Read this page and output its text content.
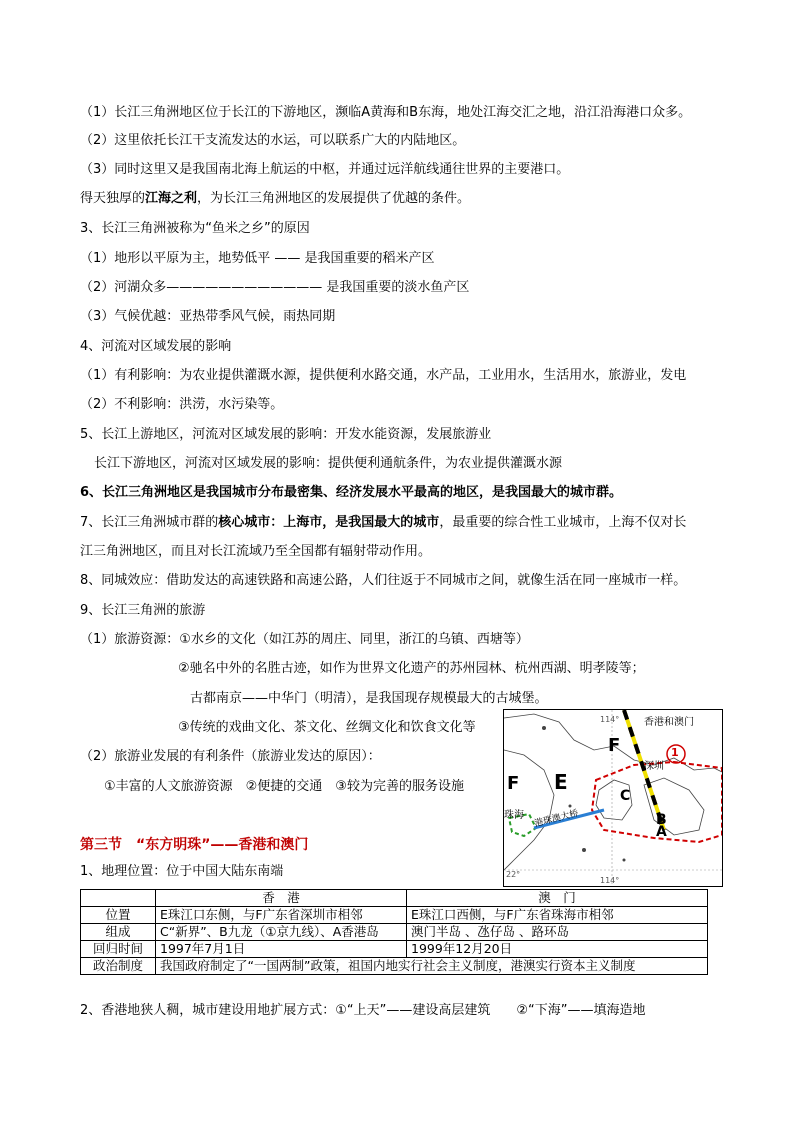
（1）长江三角洲地区位于长江的下游地区，濒临A黄海和B东海，地处江海交汇之地，沿江沿海港口众多。
（2）这里依托长江干支流发达的水运，可以联系广大的内陆地区。
（3）同时这里又是我国南北海上航运的中枢，并通过远洋航线通往世界的主要港口。
得天独厚的江海之利，为长江三角洲地区的发展提供了优越的条件。
3、长江三角洲被称为“鱼米之乡”的原因
（1）地形以平原为主，地势低平 —— 是我国重要的稻米产区
（2）河湖众多———————————— 是我国重要的淡水鱼产区
（3）气候优越：亚热带季风气候，雨热同期
4、河流对区域发展的影响
（1）有利影响：为农业提供灌溉水源，提供便利水路交通，水产品，工业用水，生活用水，旅游业，发电
（2）不利影响：洪涝，水污染等。
5、长江上游地区，河流对区域发展的影响：开发水能资源，发展旅游业
长江下游地区，河流对区域发展的影响：提供便利通航条件，为农业提供灌溉水源
6、长江三角洲地区是我国城市分布最密集、经济发展水平最高的地区，是我国最大的城市群。
7、长江三角洲城市群的核心城市：上海市，是我国最大的城市，最重要的综合性工业城市，上海不仅对长
江三角洲地区，而且对长江流域乃至全国都有辐射带动作用。
8、同城效应：借助发达的高速铁路和高速公路，人们往返于不同城市之间，就像生活在同一座城市一样。
9、长江三角洲的旅游
（1）旅游资源：①水乡的文化（如江苏的周庄、同里，浙江的乌镇、西塘等）
②驰名中外的名胜古迹，如作为世界文化遗产的苏州园林、杭州西湖、明孝陵等；
古都南京——中华门（明清），是我国现存规模最大的古城堡。
③传统的戏曲文化、茶文化、丝绸文化和饮食文化等
（2）旅游业发展的有利条件（旅游业发达的原因）：
①丰富的人文旅游资源　②便捷的交通　③较为完善的服务设施
第三节　“东方明珠”——香港和澳门
1、地理位置：位于中国大陆东南端
香港和澳门
114°
114°
22°
深圳
珠海 港珠澳大桥
F
F E
C
B
A
1
	香　港	澳　门
位置	E珠江口东侧，与F广东省深圳市相邻	E珠江口西侧，与F广东省珠海市相邻
组成	C“新界”、B九龙（①京九线）、A香港岛	澳门半岛 、氹仔岛 、路环岛
回归时间	1997年7月1日	1999年12月20日
政治制度	我国政府制定了“一国两制”政策，祖国内地实行社会主义制度，港澳实行资本主义制度	
2、香港地狭人稠，城市建设用地扩展方式：①“上天”——建设高层建筑　　②“下海”——填海造地
